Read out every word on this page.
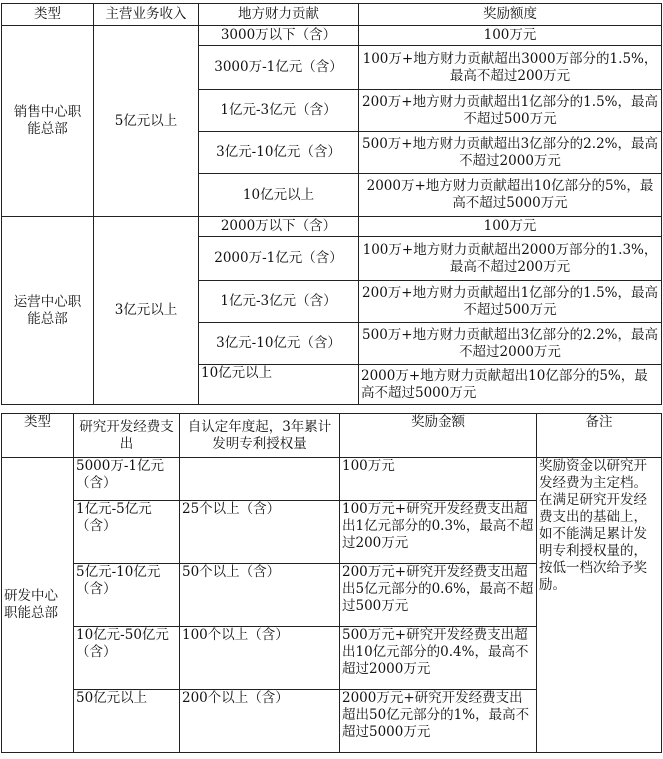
类型	主营业务收入	地方财力贡献	奖励额度
销售中心职能总部	5亿元以上	3000万以下（含）	100万元
		3000万-1亿元（含）	100万+地方财力贡献超出3000万部分的1.5%，最高不超过200万元
		1亿元-3亿元（含）	200万+地方财力贡献超出1亿部分的1.5%，最高不超过500万元
		3亿元-10亿元（含）	500万+地方财力贡献超出3亿部分的2.2%，最高不超过2000万元
		10亿元以上	2000万+地方财力贡献超出10亿部分的5%，最高不超过5000万元
运营中心职能总部	3亿元以上	2000万以下（含）	100万元
		2000万-1亿元（含）	100万+地方财力贡献超出2000万部分的1.3%，最高不超过200万元
		1亿元-3亿元（含）	200万+地方财力贡献超出1亿部分的1.5%，最高不超过500万元
		3亿元-10亿元（含）	500万+地方财力贡献超出3亿部分的2.2%，最高不超过2000万元
		10亿元以上	2000万+地方财力贡献超出10亿部分的5%，最高不超过5000万元
类型	研究开发经费支出	自认定年度起，3年累计发明专利授权量	奖励金额	备注
研发中心职能总部	5000万-1亿元（含）		100万元	奖励资金以研究开发经费为主定档。在满足研究开发经费支出的基础上，如不能满足累计发明专利授权量的，按低一档次给予奖励。
	1亿元-5亿元（含）	25个以上（含）	100万元+研究开发经费支出超出1亿元部分的0.3%，最高不超过200万元	
	5亿元-10亿元（含）	50个以上（含）	200万元+研究开发经费支出超出5亿元部分的0.6%，最高不超过500万元	
	10亿元-50亿元（含）	100个以上（含）	500万元+研究开发经费支出超出10亿元部分的0.4%，最高不超过2000万元	
	50亿元以上	200个以上（含）	2000万元+研究开发经费支出超出50亿元部分的1%，最高不超过5000万元	
